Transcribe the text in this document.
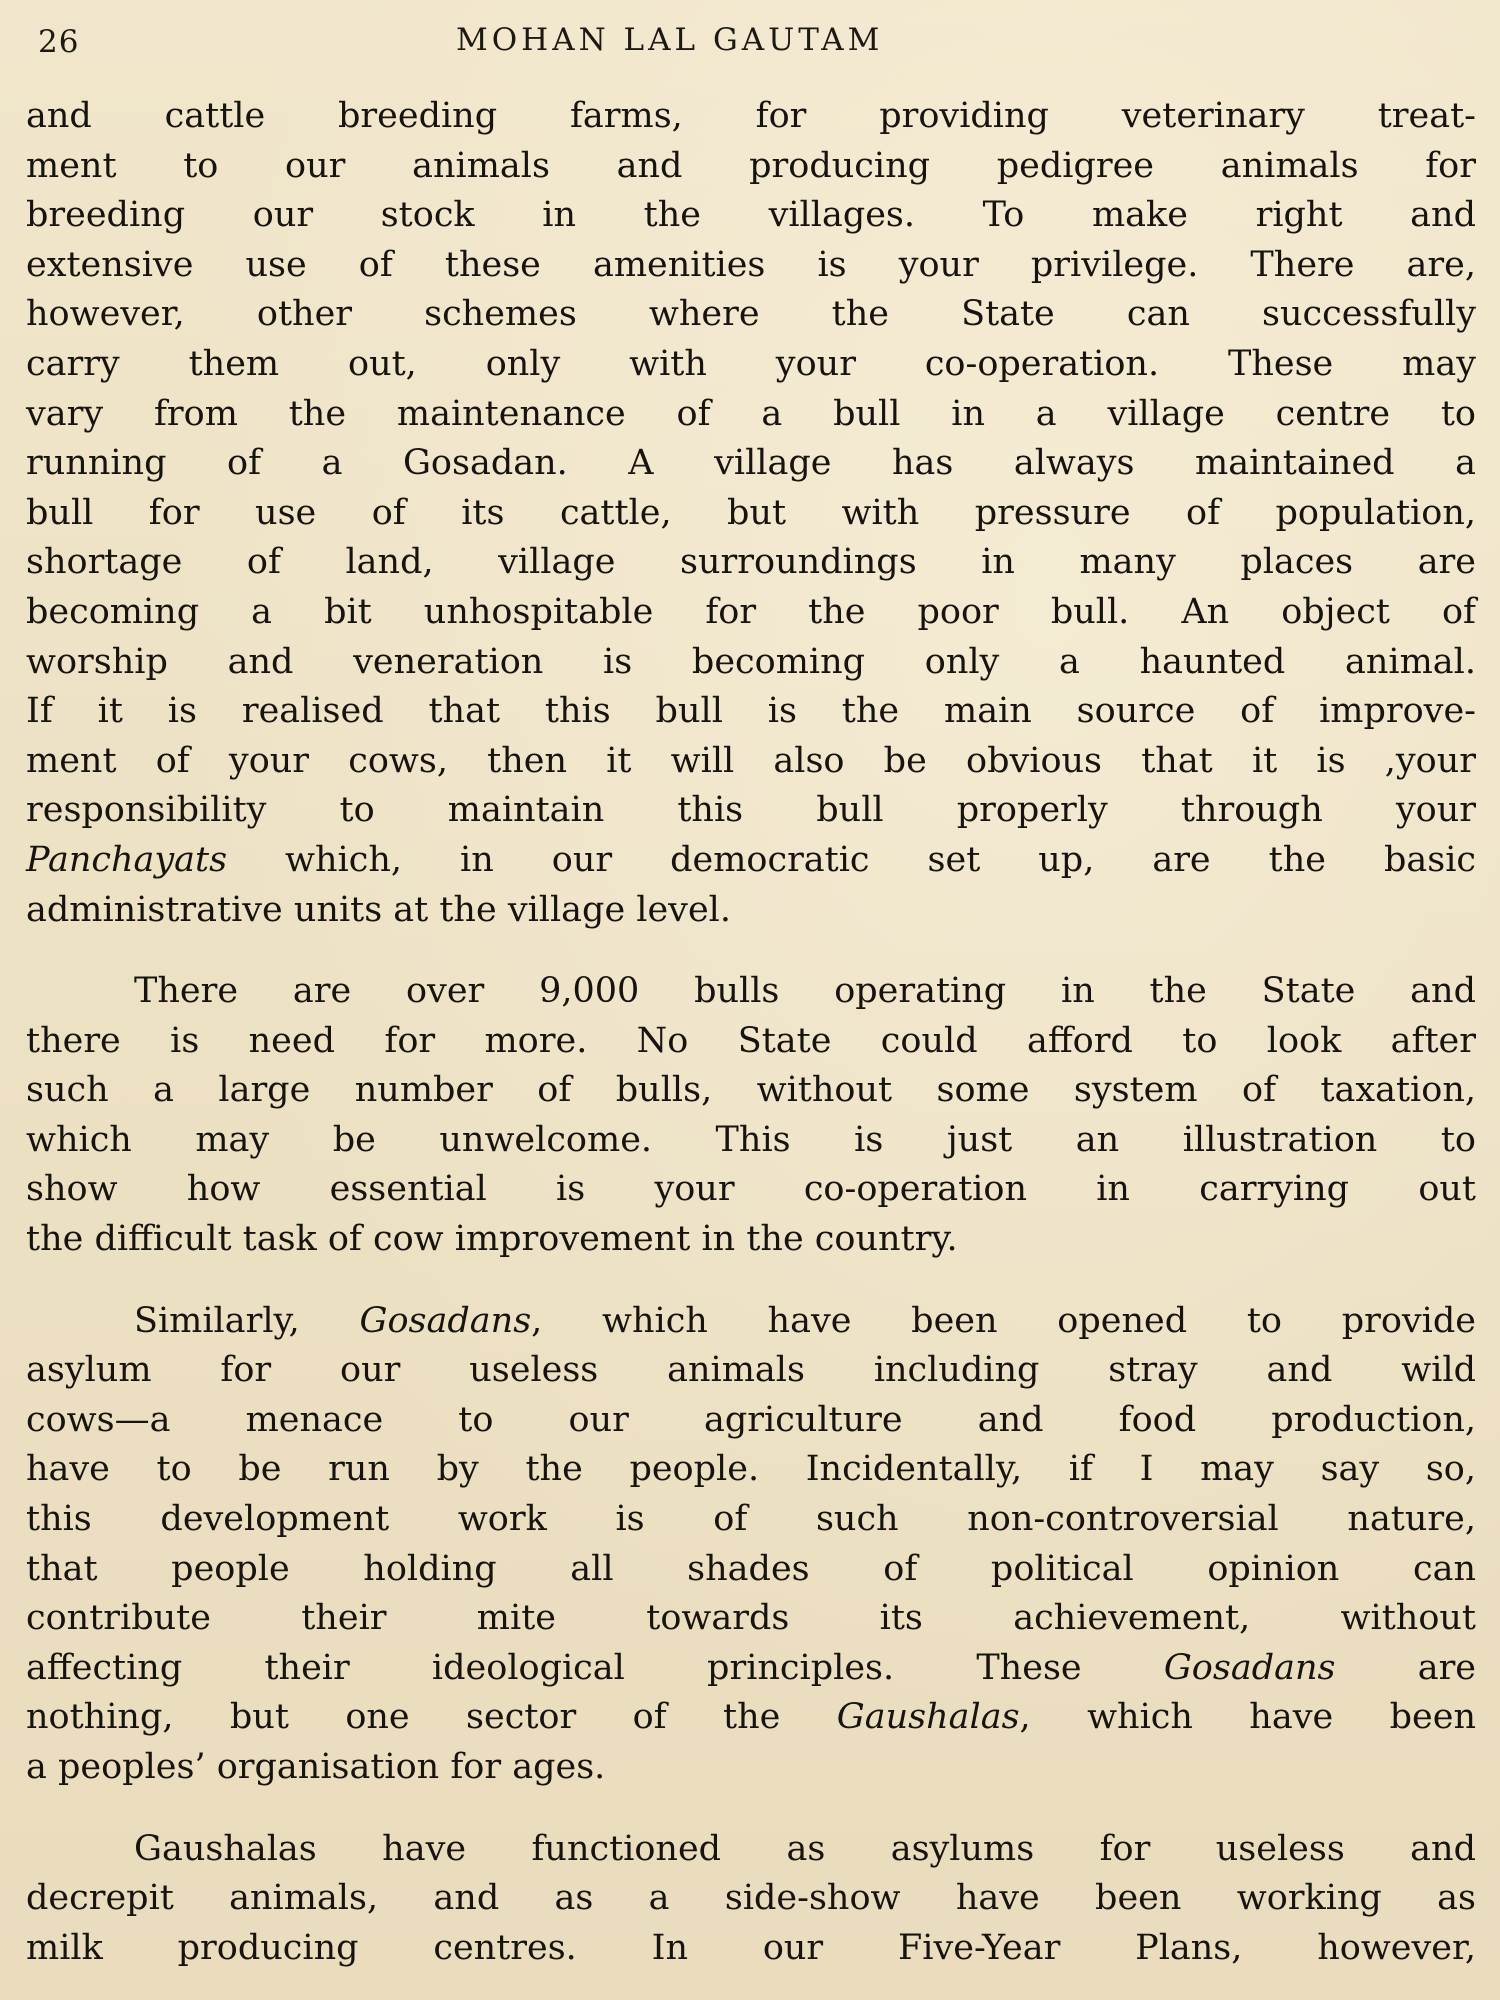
26	MOHAN LAL GAUTAM

and cattle breeding farms, for providing veterinary treat-
ment to our animals and producing pedigree animals for
breeding our stock in the villages. To make right and
extensive use of these amenities is your privilege. There are,
however, other schemes where the State can successfully
carry them out, only with your co-operation. These may
vary from the maintenance of a bull in a village centre to
running of a Gosadan. A village has always maintained a
bull for use of its cattle, but with pressure of population,
shortage of land, village surroundings in many places are
becoming a bit unhospitable for the poor bull. An object of
worship and veneration is becoming only a haunted animal.
If it is realised that this bull is the main source of improve-
ment of your cows, then it will also be obvious that it is ,your
responsibility to maintain this bull properly through your
Panchayats which, in our democratic set up, are the basic
administrative units at the village level.

There are over 9,000 bulls operating in the State and
there is need for more. No State could afford to look after
such a large number of bulls, without some system of taxation,
which may be unwelcome. This is just an illustration to
show how essential is your co-operation in carrying out
the difficult task of cow improvement in the country.

Similarly, Gosadans, which have been opened to provide
asylum for our useless animals including stray and wild
cows—a menace to our agriculture and food production,
have to be run by the people. Incidentally, if I may say so,
this development work is of such non-controversial nature,
that people holding all shades of political opinion can
contribute their mite towards its achievement, without
affecting their ideological principles. These Gosadans are
nothing, but one sector of the Gaushalas, which have been
a peoples’ organisation for ages.

Gaushalas have functioned as asylums for useless and
decrepit animals, and as a side-show have been working as
milk producing centres. In our Five-Year Plans, however,
